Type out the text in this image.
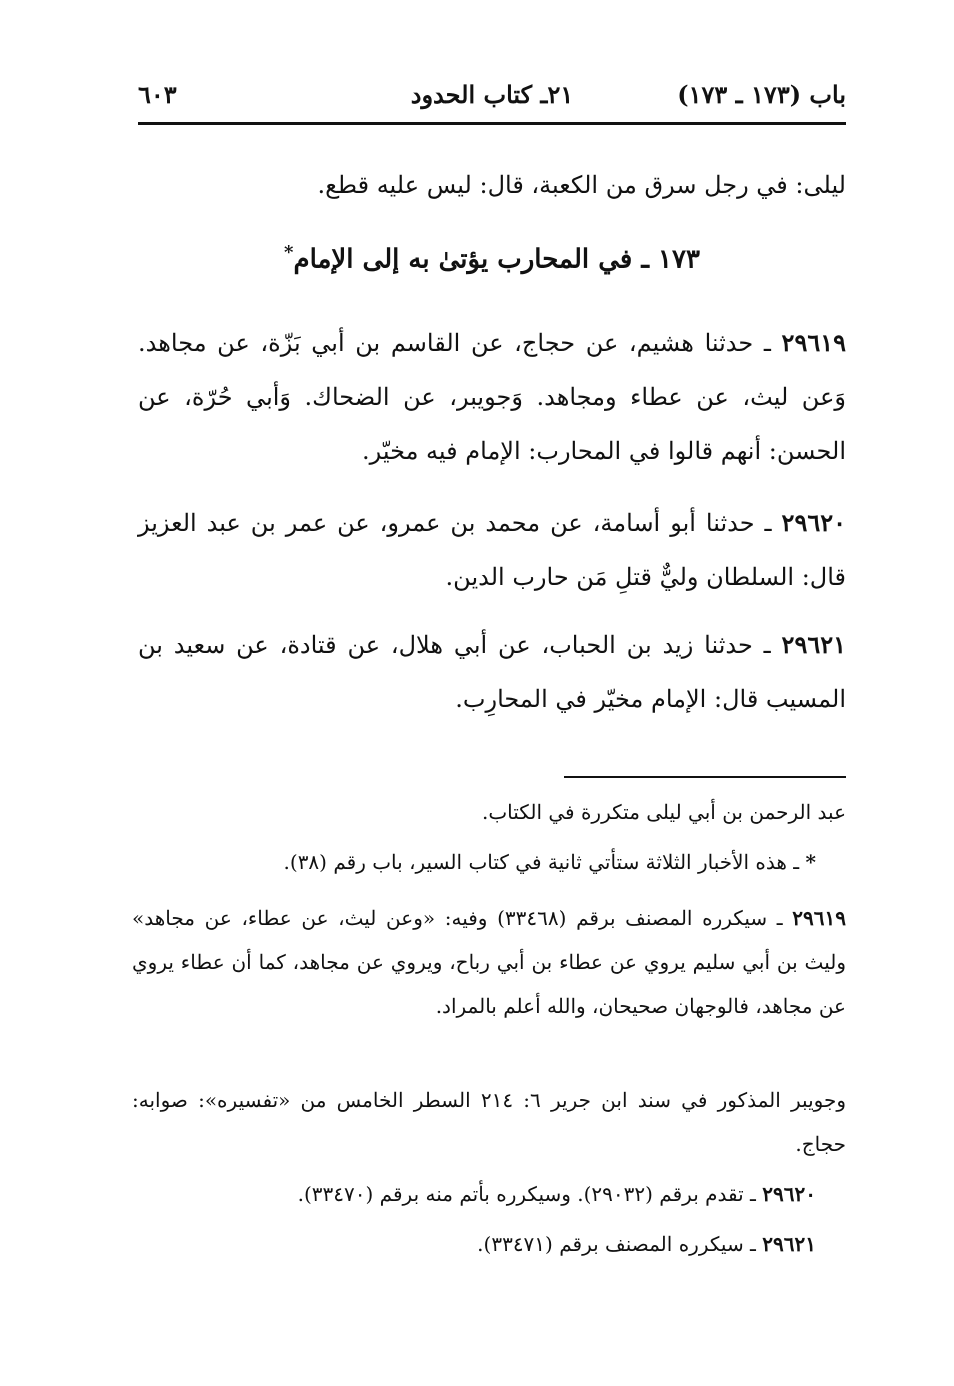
باب (١٧٣ ـ ١٧٣)
٢١ـ كتاب الحدود
٦٠٣
ليلى: في رجل سرق من الكعبة، قال: ليس عليه قطع.
١٧٣ ـ في المحارب يؤتىٰ به إلى الإمام*
٢٩٦١٩ ـ حدثنا هشيم، عن حجاج، عن القاسم بن أبي بَزّة، عن مجاهد. وَعن ليث، عن عطاء ومجاهد. وَجويبر، عن الضحاك. وَأبي حُرّة، عن الحسن: أنهم قالوا في المحارب: الإمام فيه مخيّر.
٢٩٦٢٠ ـ حدثنا أبو أسامة، عن محمد بن عمرو، عن عمر بن عبد العزيز قال: السلطان وليٌّ قتلِ مَن حارب الدين.
٢٩٦٢١ ـ حدثنا زيد بن الحباب، عن أبي هلال، عن قتادة، عن سعيد بن المسيب قال: الإمام مخيّر في المحارِب.
عبد الرحمن بن أبي ليلى متكررة في الكتاب.
* ـ هذه الأخبار الثلاثة ستأتي ثانية في كتاب السير، باب رقم (٣٨).
٢٩٦١٩ ـ سيكرره المصنف برقم (٣٣٤٦٨) وفيه: «وعن ليث، عن عطاء، عن مجاهد» وليث بن أبي سليم يروي عن عطاء بن أبي رباح، ويروي عن مجاهد، كما أن عطاء يروي عن مجاهد، فالوجهان صحيحان، والله أعلم بالمراد.
وجويبر المذكور في سند ابن جرير ٦: ٢١٤ السطر الخامس من «تفسيره»: صوابه: حجاج.
٢٩٦٢٠ ـ تقدم برقم (٢٩٠٣٢). وسيكرره بأتم منه برقم (٣٣٤٧٠).
٢٩٦٢١ ـ سيكرره المصنف برقم (٣٣٤٧١).
